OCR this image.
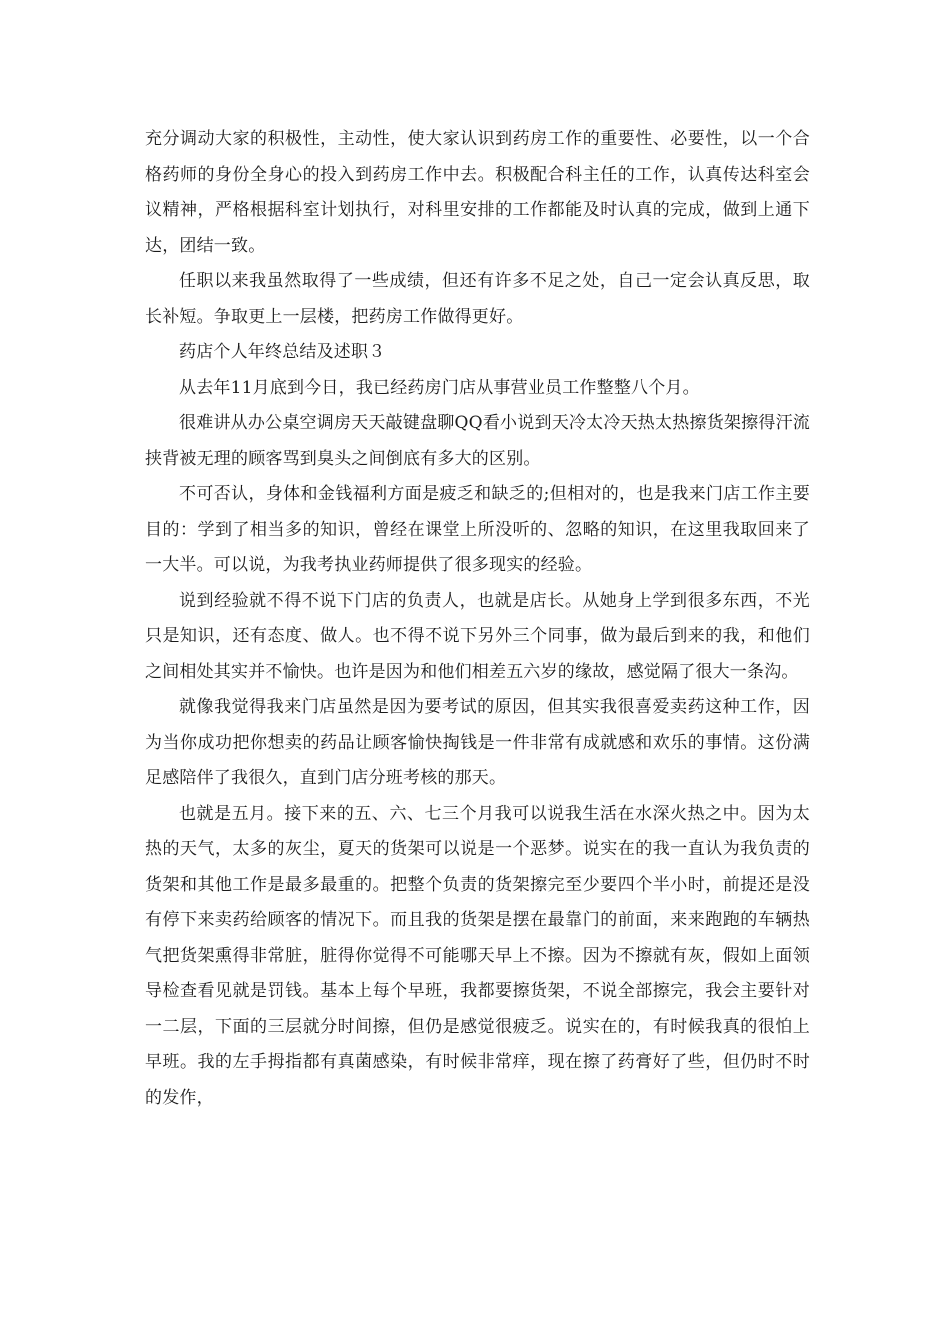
充分调动大家的积极性，主动性，使大家认识到药房工作的重要性、必要性，以一个合格药师的身份全身心的投入到药房工作中去。积极配合科主任的工作，认真传达科室会议精神，严格根据科室计划执行，对科里安排的工作都能及时认真的完成，做到上通下达，团结一致。

任职以来我虽然取得了一些成绩，但还有许多不足之处，自己一定会认真反思，取长补短。争取更上一层楼，把药房工作做得更好。

药店个人年终总结及述职３

从去年11月底到今日，我已经药房门店从事营业员工作整整八个月。

很难讲从办公桌空调房天天敲键盘聊QQ看小说到天冷太冷天热太热擦货架擦得汗流挟背被无理的顾客骂到臭头之间倒底有多大的区别。

不可否认，身体和金钱福利方面是疲乏和缺乏的;但相对的，也是我来门店工作主要目的：学到了相当多的知识，曾经在课堂上所没听的、忽略的知识，在这里我取回来了一大半。可以说，为我考执业药师提供了很多现实的经验。

说到经验就不得不说下门店的负责人，也就是店长。从她身上学到很多东西，不光只是知识，还有态度、做人。也不得不说下另外三个同事，做为最后到来的我，和他们之间相处其实并不愉快。也许是因为和他们相差五六岁的缘故，感觉隔了很大一条沟。

就像我觉得我来门店虽然是因为要考试的原因，但其实我很喜爱卖药这种工作，因为当你成功把你想卖的药品让顾客愉快掏钱是一件非常有成就感和欢乐的事情。这份满足感陪伴了我很久，直到门店分班考核的那天。

也就是五月。接下来的五、六、七三个月我可以说我生活在水深火热之中。因为太热的天气，太多的灰尘，夏天的货架可以说是一个恶梦。说实在的我一直认为我负责的货架和其他工作是最多最重的。把整个负责的货架擦完至少要四个半小时，前提还是没有停下来卖药给顾客的情况下。而且我的货架是摆在最靠门的前面，来来跑跑的车辆热气把货架熏得非常脏，脏得你觉得不可能哪天早上不擦。因为不擦就有灰，假如上面领导检查看见就是罚钱。基本上每个早班，我都要擦货架，不说全部擦完，我会主要针对一二层，下面的三层就分时间擦，但仍是感觉很疲乏。说实在的，有时候我真的很怕上早班。我的左手拇指都有真菌感染，有时候非常痒，现在擦了药膏好了些，但仍时不时的发作，
